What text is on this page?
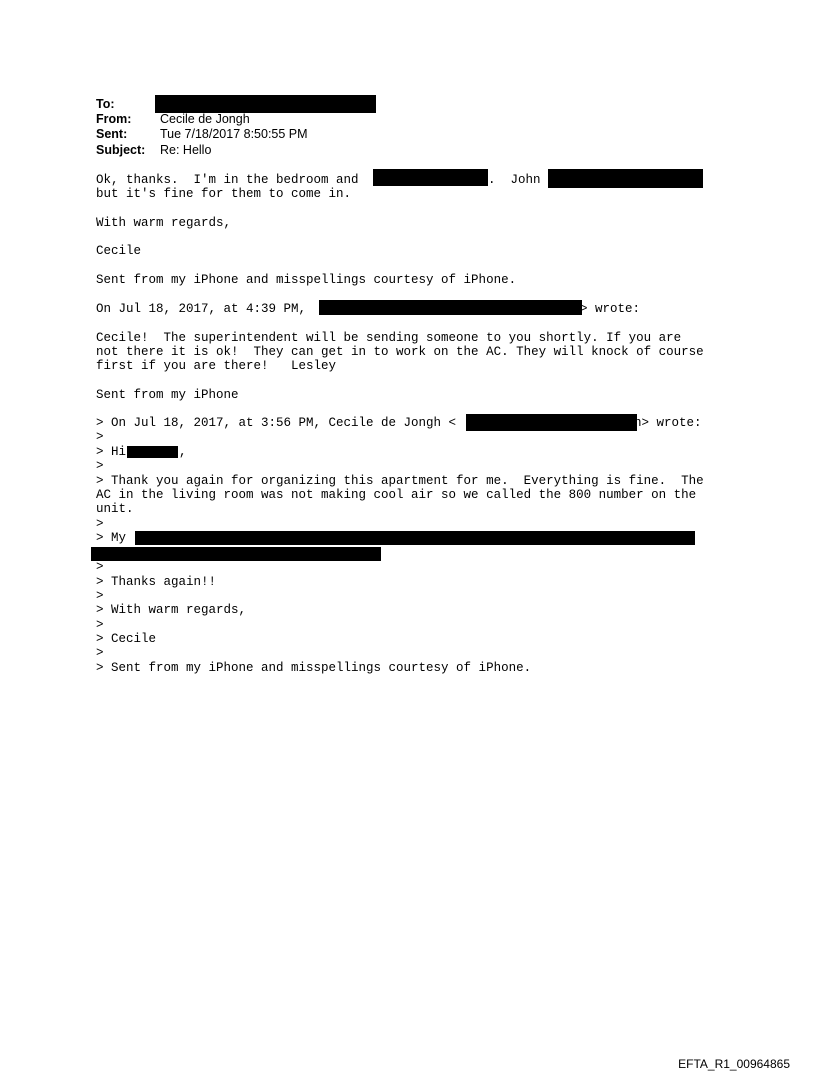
To:
From: Cecile de Jongh
Sent:	Tue 7/18/2017 8:50:55 PM
Subject: Re: Hello
Ok, thanks.  I'm in the bedroom and	.  John
but it's fine for them to come in.
With warm regards,
Cecile
Sent from my iPhone and misspellings courtesy of iPhone.
On Jul 18, 2017, at 4:39 PM,	> wrote:
Cecile!  The superintendent will be sending someone to you shortly. If you are
not there it is ok!  They can get in to work on the AC. They will knock of course
first if you are there!   Lesley
Sent from my iPhone
> On Jul 18, 2017, at 3:56 PM, Cecile de Jongh <	h> wrote:
>
> Hi	,
>
> Thank you again for organizing this apartment for me.  Everything is fine.  The
AC in the living room was not making cool air so we called the 800 number on the
unit.
>
> My
>
> Thanks again!!
>
> With warm regards,
>
> Cecile
>
> Sent from my iPhone and misspellings courtesy of iPhone.
EFTA_R1_00964865
